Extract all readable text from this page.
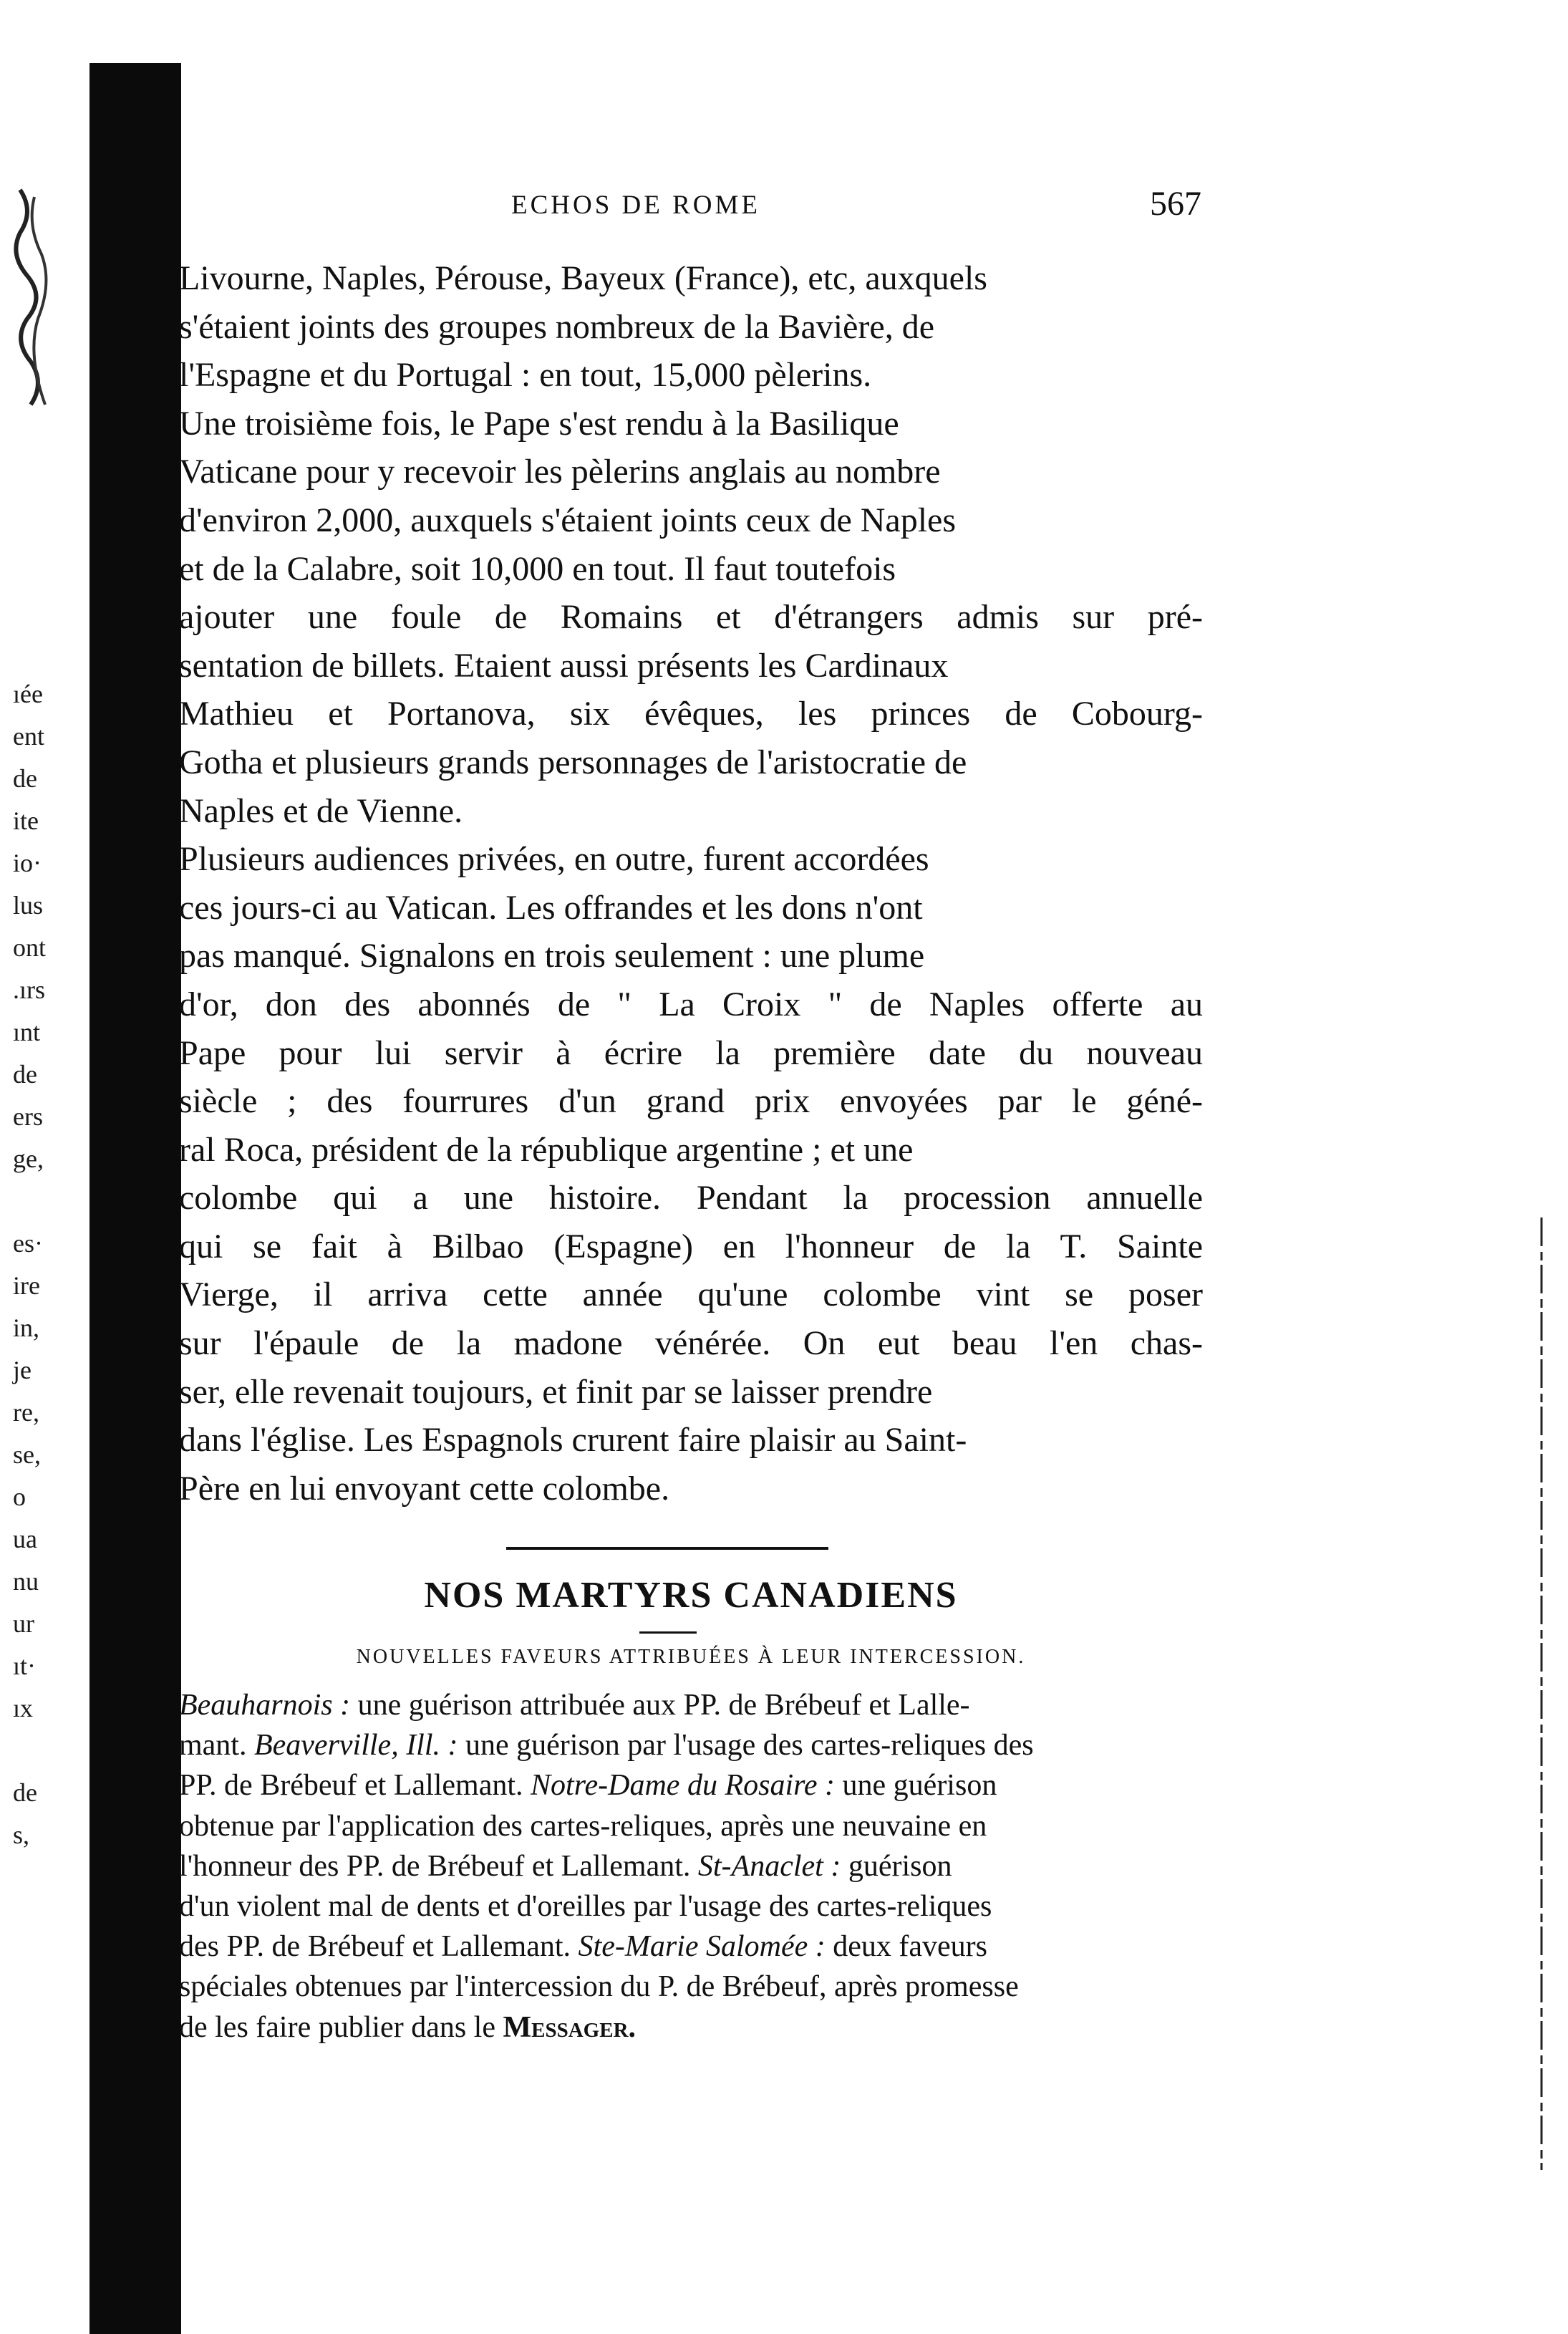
ıée
ent
de
ite
io·
lus
ont
.ırs
ınt
de
ers
ge,

es·
ire
in,
je
re,
se,
o
ua
nu
ur
ıt·
ıx

de
s,
ECHOS DE ROME	567
Livourne, Naples, Pérouse, Bayeux (France), etc, auxquels
s'étaient joints des groupes nombreux de la Bavière, de
l'Espagne et du Portugal : en tout, 15,000 pèlerins.
Une troisième fois, le Pape s'est rendu à la Basilique
Vaticane pour y recevoir les pèlerins anglais au nombre
d'environ 2,000, auxquels s'étaient joints ceux de Naples
et de la Calabre, soit 10,000 en tout. Il faut toutefois
ajouter une foule de Romains et d'étrangers admis sur pré-
sentation de billets. Etaient aussi présents les Cardinaux
Mathieu et Portanova, six évêques, les princes de Cobourg-
Gotha et plusieurs grands personnages de l'aristocratie de
Naples et de Vienne.
Plusieurs audiences privées, en outre, furent accordées
ces jours-ci au Vatican. Les offrandes et les dons n'ont
pas manqué. Signalons en trois seulement : une plume
d'or, don des abonnés de " La Croix " de Naples offerte au
Pape pour lui servir à écrire la première date du nouveau
siècle ; des fourrures d'un grand prix envoyées par le géné-
ral Roca, président de la république argentine ; et une
colombe qui a une histoire. Pendant la procession annuelle
qui se fait à Bilbao (Espagne) en l'honneur de la T. Sainte
Vierge, il arriva cette année qu'une colombe vint se poser
sur l'épaule de la madone vénérée. On eut beau l'en chas-
ser, elle revenait toujours, et finit par se laisser prendre
dans l'église. Les Espagnols crurent faire plaisir au Saint-
Père en lui envoyant cette colombe.
NOS MARTYRS CANADIENS
NOUVELLES FAVEURS ATTRIBUÉES À LEUR INTERCESSION.
Beauharnois : une guérison attribuée aux PP. de Brébeuf et Lalle-
mant. Beaverville, Ill. : une guérison par l'usage des cartes-reliques des
PP. de Brébeuf et Lallemant. Notre-Dame du Rosaire : une guérison
obtenue par l'application des cartes-reliques, après une neuvaine en
l'honneur des PP. de Brébeuf et Lallemant. St-Anaclet : guérison
d'un violent mal de dents et d'oreilles par l'usage des cartes-reliques
des PP. de Brébeuf et Lallemant. Ste-Marie Salomée : deux faveurs
spéciales obtenues par l'intercession du P. de Brébeuf, après promesse
de les faire publier dans le Messager.
